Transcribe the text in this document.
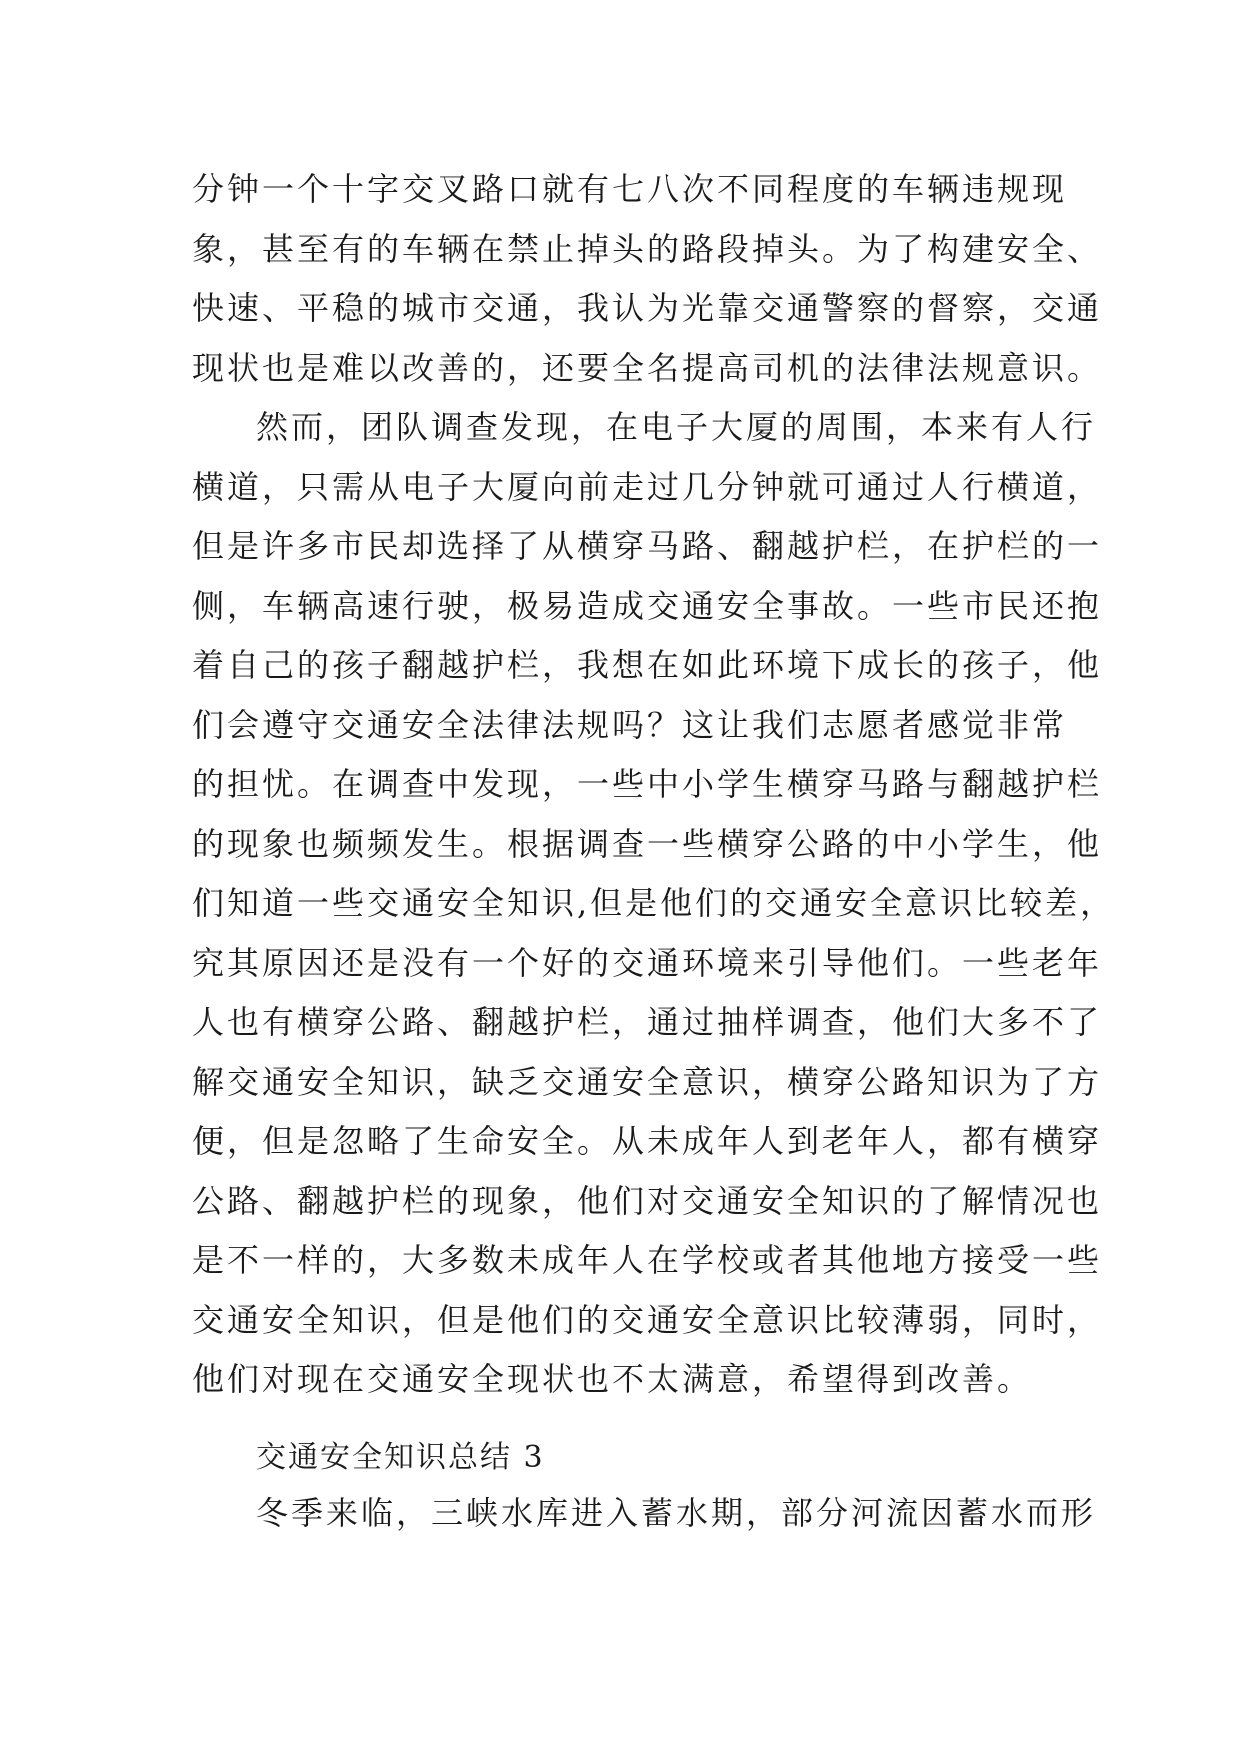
分钟一个十字交叉路口就有七八次不同程度的车辆违规现
象，甚至有的车辆在禁止掉头的路段掉头。为了构建安全、
快速、平稳的城市交通，我认为光靠交通警察的督察，交通
现状也是难以改善的，还要全名提高司机的法律法规意识。
然而，团队调查发现，在电子大厦的周围，本来有人行
横道，只需从电子大厦向前走过几分钟就可通过人行横道，
但是许多市民却选择了从横穿马路、翻越护栏，在护栏的一
侧，车辆高速行驶，极易造成交通安全事故。一些市民还抱
着自己的孩子翻越护栏，我想在如此环境下成长的孩子，他
们会遵守交通安全法律法规吗？这让我们志愿者感觉非常
的担忧。在调查中发现，一些中小学生横穿马路与翻越护栏
的现象也频频发生。根据调查一些横穿公路的中小学生，他
们知道一些交通安全知识,但是他们的交通安全意识比较差，
究其原因还是没有一个好的交通环境来引导他们。一些老年
人也有横穿公路、翻越护栏，通过抽样调查，他们大多不了
解交通安全知识，缺乏交通安全意识，横穿公路知识为了方
便，但是忽略了生命安全。从未成年人到老年人，都有横穿
公路、翻越护栏的现象，他们对交通安全知识的了解情况也
是不一样的，大多数未成年人在学校或者其他地方接受一些
交通安全知识，但是他们的交通安全意识比较薄弱，同时，
他们对现在交通安全现状也不太满意，希望得到改善。
交通安全知识总结 3
冬季来临，三峡水库进入蓄水期，部分河流因蓄水而形
